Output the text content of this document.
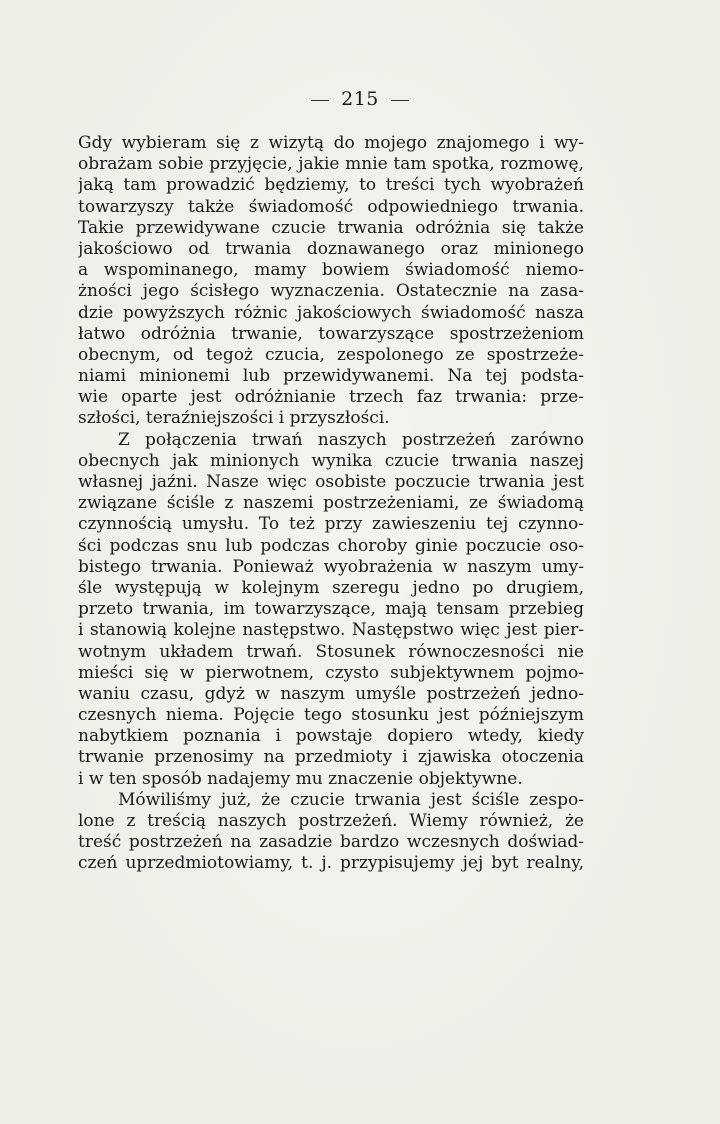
215
Gdy wybieram się z wizytą do mojego znajomego i wy-
obrażam sobie przyjęcie, jakie mnie tam spotka, rozmowę,
jaką tam prowadzić będziemy, to treści tych wyobrażeń
towarzyszy także świadomość odpowiedniego trwania.
Takie przewidywane czucie trwania odróżnia się także
jakościowo od trwania doznawanego oraz minionego
a wspominanego, mamy bowiem świadomość niemo-
żności jego ścisłego wyznaczenia. Ostatecznie na zasa-
dzie powyższych różnic jakościowych świadomość nasza
łatwo odróżnia trwanie, towarzyszące spostrzeżeniom
obecnym, od tegoż czucia, zespolonego ze spostrzeże-
niami minionemi lub przewidywanemi. Na tej podsta-
wie oparte jest odróżnianie trzech faz trwania: prze-
szłości, teraźniejszości i przyszłości.
Z połączenia trwań naszych postrzeżeń zarówno
obecnych jak minionych wynika czucie trwania naszej
własnej jaźni. Nasze więc osobiste poczucie trwania jest
związane ściśle z naszemi postrzeżeniami, ze świadomą
czynnością umysłu. To też przy zawieszeniu tej czynno-
ści podczas snu lub podczas choroby ginie poczucie oso-
bistego trwania. Ponieważ wyobrażenia w naszym umy-
śle występują w kolejnym szeregu jedno po drugiem,
przeto trwania, im towarzyszące, mają tensam przebieg
i stanowią kolejne następstwo. Następstwo więc jest pier-
wotnym układem trwań. Stosunek równoczesności nie
mieści się w pierwotnem, czysto subjektywnem pojmo-
waniu czasu, gdyż w naszym umyśle postrzeżeń jedno-
czesnych niema. Pojęcie tego stosunku jest późniejszym
nabytkiem poznania i powstaje dopiero wtedy, kiedy
trwanie przenosimy na przedmioty i zjawiska otoczenia
i w ten sposób nadajemy mu znaczenie objektywne.
Mówiliśmy już, że czucie trwania jest ściśle zespo-
lone z treścią naszych postrzeżeń. Wiemy również, że
treść postrzeżeń na zasadzie bardzo wczesnych doświad-
czeń uprzedmiotowiamy, t. j. przypisujemy jej byt realny,
